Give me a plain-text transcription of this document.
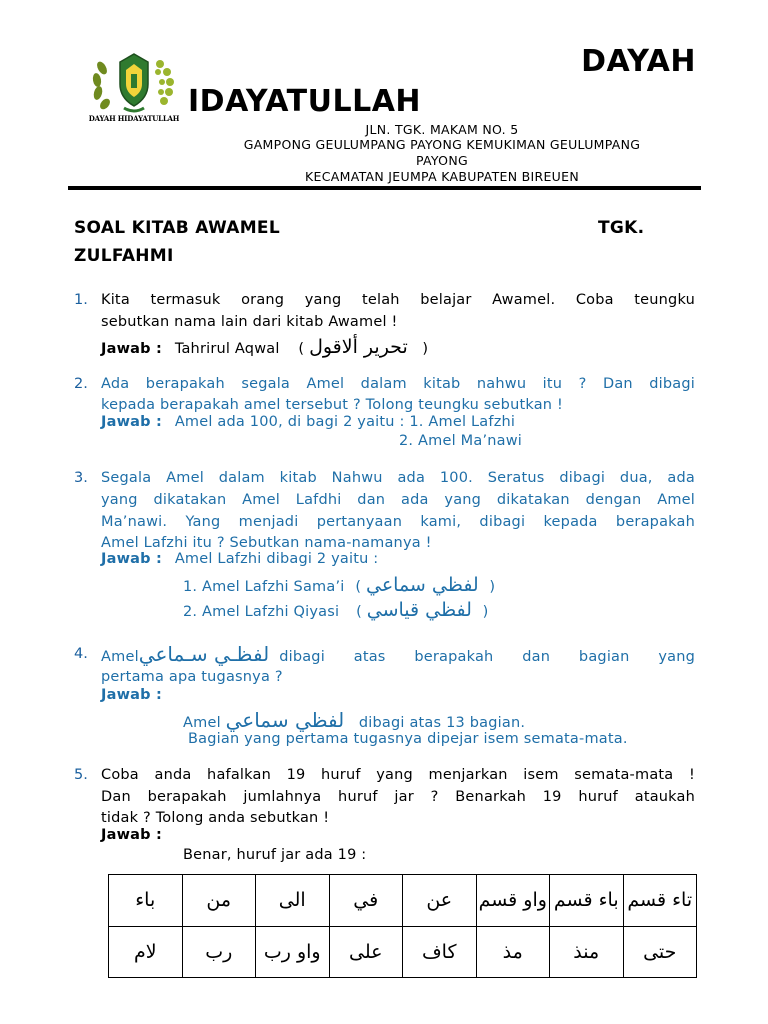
DAYAH HIDAYATULLAH
DAYAH
IDAYATULLAH
JLN. TGK. MAKAM NO. 5
GAMPONG GEULUMPANG PAYONG KEMUKIMAN GEULUMPANG
PAYONG
KECAMATAN JEUMPA KABUPATEN BIREUEN
SOAL KITAB AWAMEL	TGK.
ZULFAHMI
1. Kita termasuk orang yang telah belajar Awamel. Coba teungku
sebutkan nama lain dari kitab Awamel !
Jawab : Tahrirul Aqwal ( تحرير ألاقول )
2. Ada berapakah segala Amel dalam kitab nahwu itu ? Dan dibagi
kepada berapakah amel tersebut ? Tolong teungku sebutkan !
Jawab : Amel ada 100, di bagi 2 yaitu : 1. Amel Lafzhi
2. Amel Ma’nawi
3. Segala Amel dalam kitab Nahwu ada 100. Seratus dibagi dua, ada
yang dikatakan Amel Lafdhi dan ada yang dikatakan dengan Amel
Ma’nawi. Yang menjadi pertanyaan kami, dibagi kepada berapakah
Amel Lafzhi itu ? Sebutkan nama-namanya !
Jawab : Amel Lafzhi dibagi 2 yaitu :
1. Amel Lafzhi Sama’i ( لفظي سماعي )
2. Amel Lafzhi Qiyasi ( لفظي قياسي )
4. Amel لفظـي سـماعي dibagi atas berapakah dan bagian yang
pertama apa tugasnya ?
Jawab :
Amel لفظي سماعي dibagi atas 13 bagian.
Bagian yang pertama tugasnya dipejar isem semata-mata.
5. Coba anda hafalkan 19 huruf yang menjarkan isem semata-mata !
Dan berapakah jumlahnya huruf jar ? Benarkah 19 huruf ataukah
tidak ? Tolong anda sebutkan !
Jawab :
Benar, huruf jar ada 19 :
باء	من	الى	في	عن	واو قسم	باء قسم	تاء قسم
لام	رب	واو رب	على	كاف	مذ	منذ	حتى
